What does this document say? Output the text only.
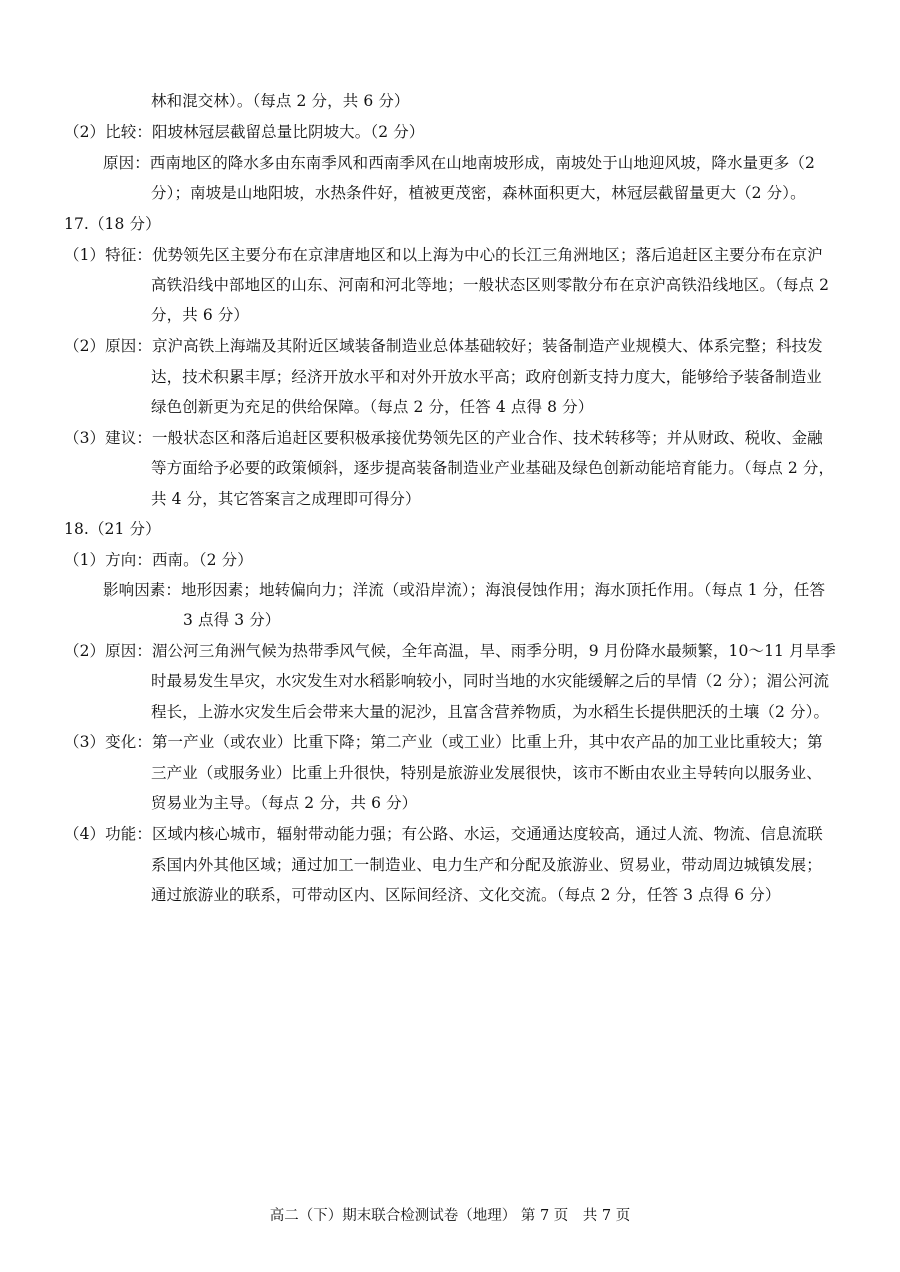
林和混交林）。（每点 2 分，共 6 分）
（2）比较：阳坡林冠层截留总量比阴坡大。（2 分）
原因：西南地区的降水多由东南季风和西南季风在山地南坡形成，南坡处于山地迎风坡，降水量更多（2
分）；南坡是山地阳坡，水热条件好，植被更茂密，森林面积更大，林冠层截留量更大（2 分）。
17.（18 分）
（1）特征：优势领先区主要分布在京津唐地区和以上海为中心的长江三角洲地区；落后追赶区主要分布在京沪
高铁沿线中部地区的山东、河南和河北等地；一般状态区则零散分布在京沪高铁沿线地区。（每点 2
分，共 6 分）
（2）原因：京沪高铁上海端及其附近区域装备制造业总体基础较好；装备制造产业规模大、体系完整；科技发
达，技术积累丰厚；经济开放水平和对外开放水平高；政府创新支持力度大，能够给予装备制造业
绿色创新更为充足的供给保障。（每点 2 分，任答 4 点得 8 分）
（3）建议：一般状态区和落后追赶区要积极承接优势领先区的产业合作、技术转移等；并从财政、税收、金融
等方面给予必要的政策倾斜，逐步提高装备制造业产业基础及绿色创新动能培育能力。（每点 2 分，
共 4 分，其它答案言之成理即可得分）
18.（21 分）
（1）方向：西南。（2 分）
影响因素：地形因素；地转偏向力；洋流（或沿岸流）；海浪侵蚀作用；海水顶托作用。（每点 1 分，任答
3 点得 3 分）
（2）原因：湄公河三角洲气候为热带季风气候，全年高温，旱、雨季分明，9 月份降水最频繁，10～11 月旱季
时最易发生旱灾，水灾发生对水稻影响较小，同时当地的水灾能缓解之后的旱情（2 分）；湄公河流
程长，上游水灾发生后会带来大量的泥沙，且富含营养物质，为水稻生长提供肥沃的土壤（2 分）。
（3）变化：第一产业（或农业）比重下降；第二产业（或工业）比重上升，其中农产品的加工业比重较大；第
三产业（或服务业）比重上升很快，特别是旅游业发展很快，该市不断由农业主导转向以服务业、
贸易业为主导。（每点 2 分，共 6 分）
（4）功能：区域内核心城市，辐射带动能力强；有公路、水运，交通通达度较高，通过人流、物流、信息流联
系国内外其他区域；通过加工一制造业、电力生产和分配及旅游业、贸易业，带动周边城镇发展；
通过旅游业的联系，可带动区内、区际间经济、文化交流。（每点 2 分，任答 3 点得 6 分）
高二（下）期末联合检测试卷（地理） 第 7 页　共 7 页
